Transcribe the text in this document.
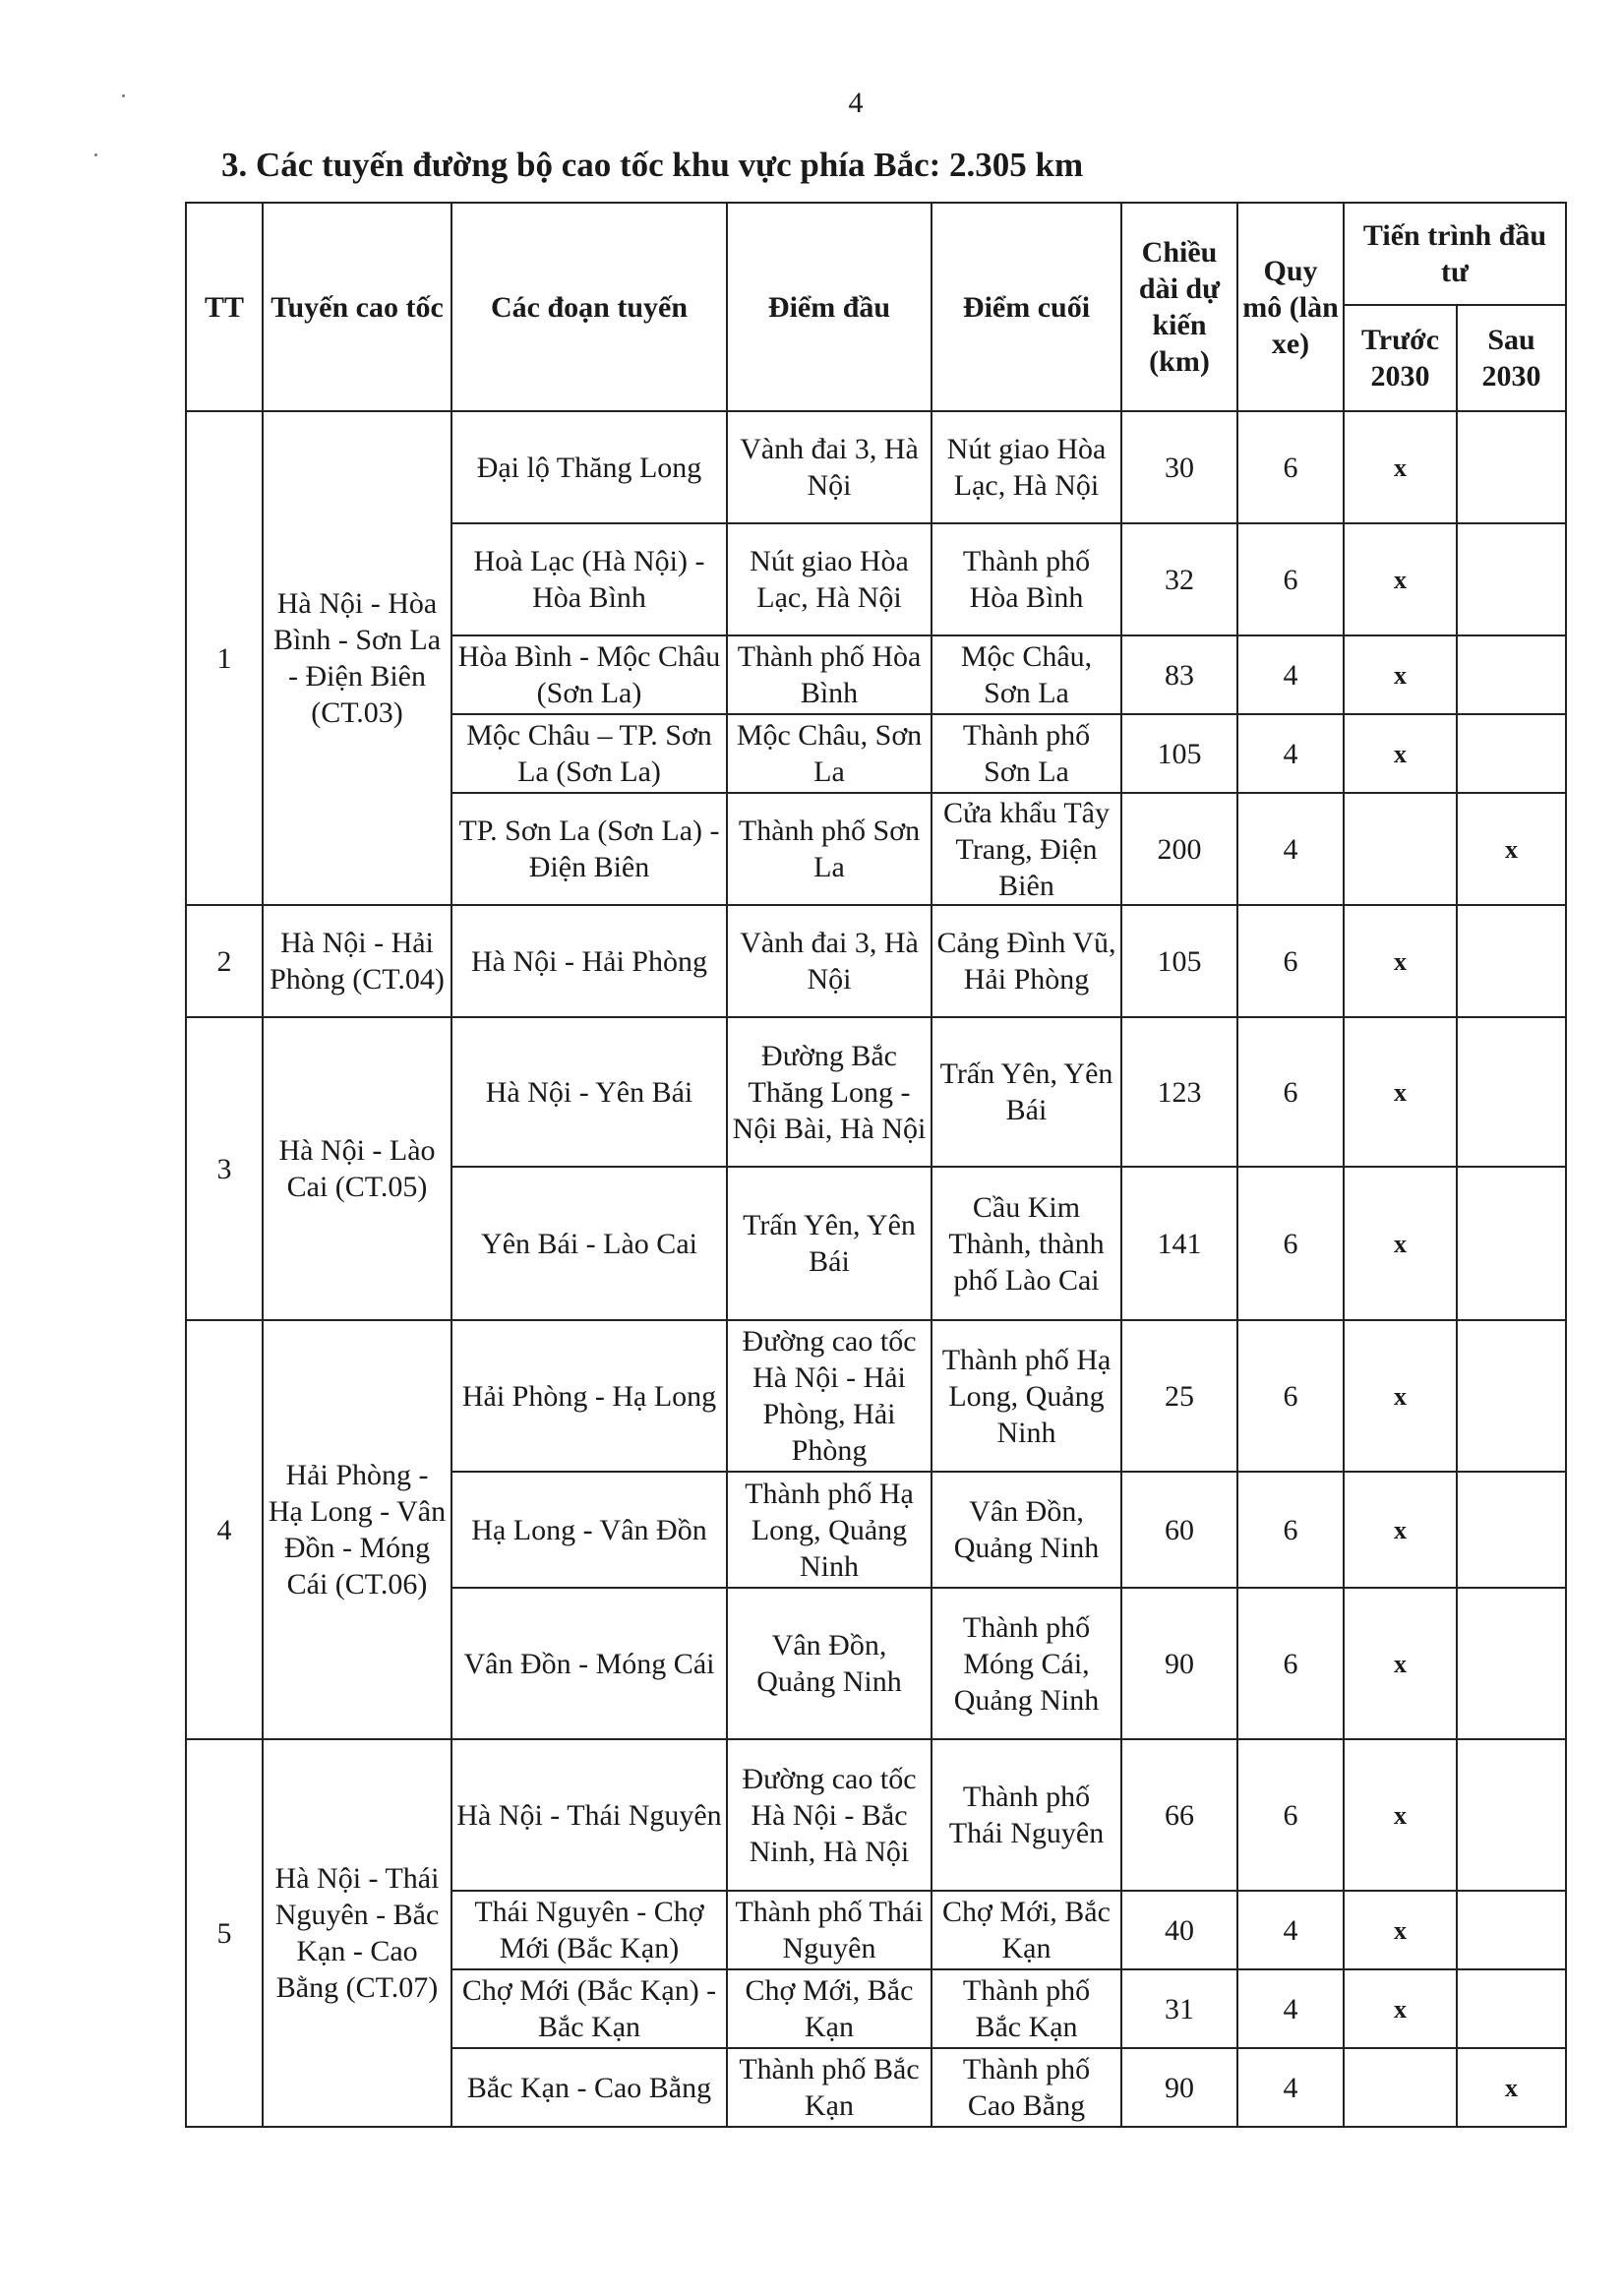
4
3. Các tuyến đường bộ cao tốc khu vực phía Bắc: 2.305 km
TT	Tuyến cao tốc	Các đoạn tuyến	Điểm đầu	Điểm cuối	Chiều dài dự kiến (km)	Quy mô (làn xe)	Tiến trình đầu tư	
							Trước 2030	Sau 2030
1	Hà Nội - Hòa Bình - Sơn La - Điện Biên (CT.03)	Đại lộ Thăng Long	Vành đai 3, Hà Nội	Nút giao Hòa Lạc, Hà Nội	30	6	x	
		Hoà Lạc (Hà Nội) - Hòa Bình	Nút giao Hòa Lạc, Hà Nội	Thành phố Hòa Bình	32	6	x	
		Hòa Bình - Mộc Châu (Sơn La)	Thành phố Hòa Bình	Mộc Châu, Sơn La	83	4	x	
		Mộc Châu – TP. Sơn La (Sơn La)	Mộc Châu, Sơn La	Thành phố Sơn La	105	4	x	
		TP. Sơn La (Sơn La) - Điện Biên	Thành phố Sơn La	Cửa khẩu Tây Trang, Điện Biên	200	4		x
2	Hà Nội - Hải Phòng (CT.04)	Hà Nội - Hải Phòng	Vành đai 3, Hà Nội	Cảng Đình Vũ, Hải Phòng	105	6	x	
3	Hà Nội - Lào Cai (CT.05)	Hà Nội - Yên Bái	Đường Bắc Thăng Long - Nội Bài, Hà Nội	Trấn Yên, Yên Bái	123	6	x	
		Yên Bái - Lào Cai	Trấn Yên, Yên Bái	Cầu Kim Thành, thành phố Lào Cai	141	6	x	
4	Hải Phòng - Hạ Long - Vân Đồn - Móng Cái (CT.06)	Hải Phòng - Hạ Long	Đường cao tốc Hà Nội - Hải Phòng, Hải Phòng	Thành phố Hạ Long, Quảng Ninh	25	6	x	
		Hạ Long - Vân Đồn	Thành phố Hạ Long, Quảng Ninh	Vân Đồn, Quảng Ninh	60	6	x	
		Vân Đồn - Móng Cái	Vân Đồn, Quảng Ninh	Thành phố Móng Cái, Quảng Ninh	90	6	x	
5	Hà Nội - Thái Nguyên - Bắc Kạn - Cao Bằng (CT.07)	Hà Nội - Thái Nguyên	Đường cao tốc Hà Nội - Bắc Ninh, Hà Nội	Thành phố Thái Nguyên	66	6	x	
		Thái Nguyên - Chợ Mới (Bắc Kạn)	Thành phố Thái Nguyên	Chợ Mới, Bắc Kạn	40	4	x	
		Chợ Mới (Bắc Kạn) - Bắc Kạn	Chợ Mới, Bắc Kạn	Thành phố Bắc Kạn	31	4	x	
		Bắc Kạn - Cao Bằng	Thành phố Bắc Kạn	Thành phố Cao Bằng	90	4		x
